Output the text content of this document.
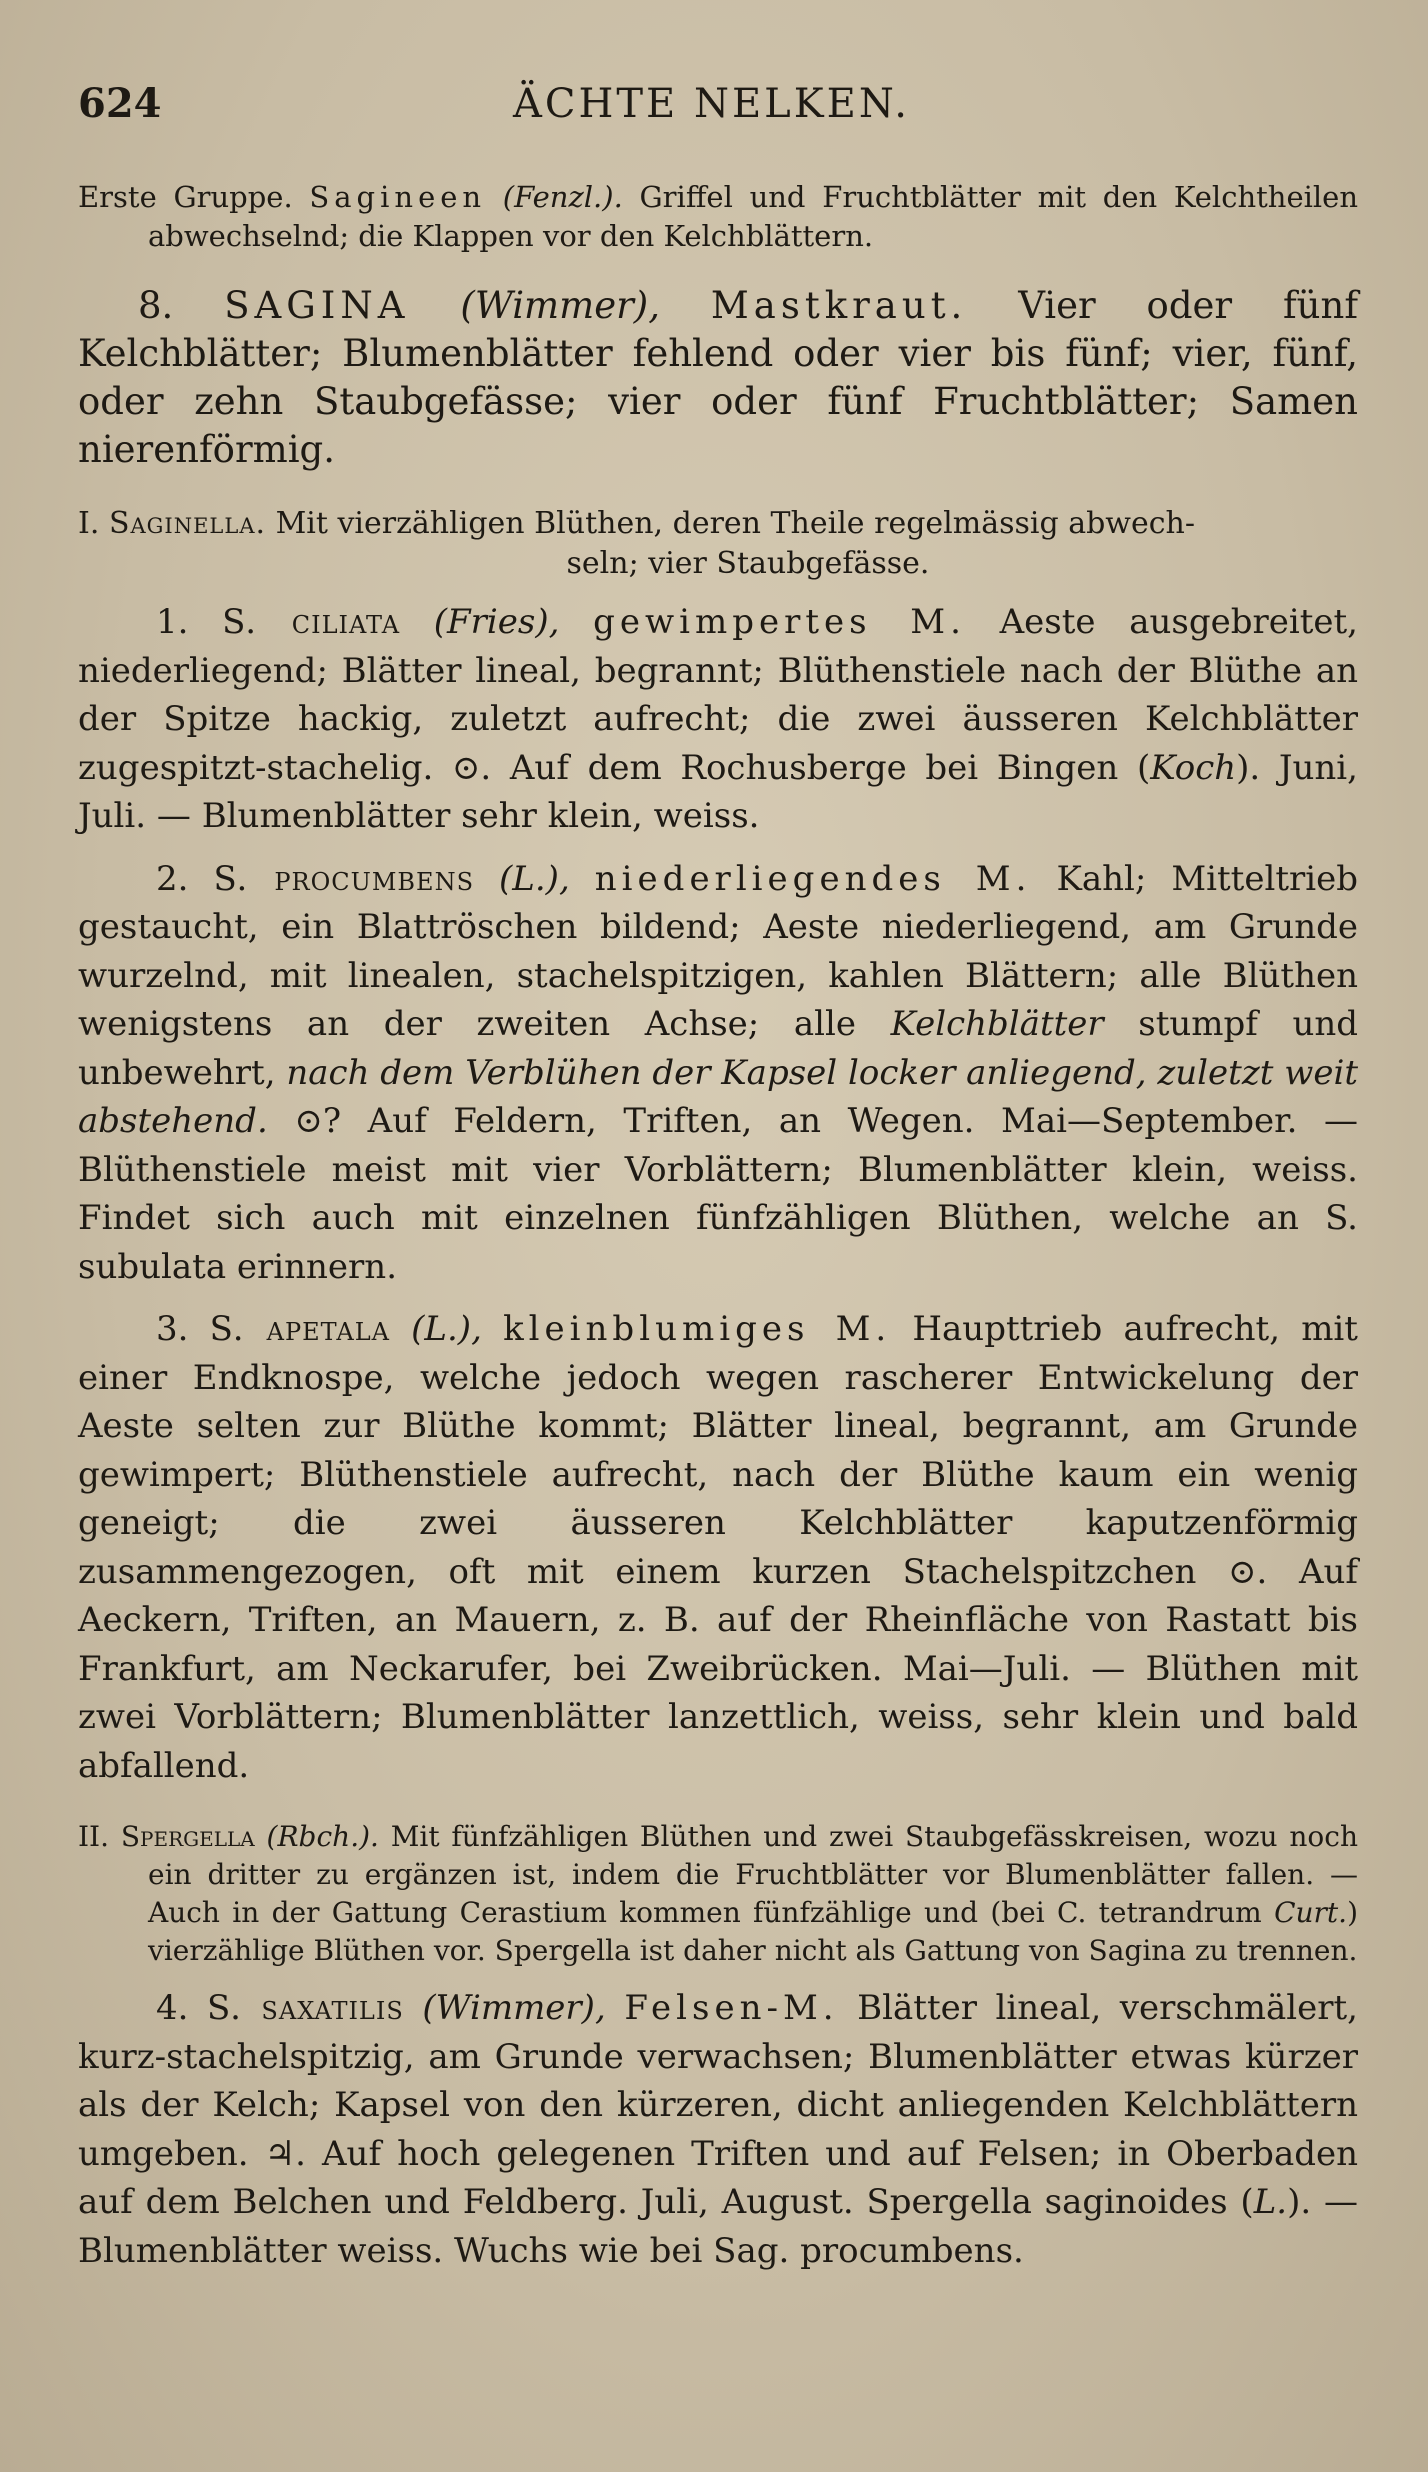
624	ÄCHTE NELKEN.

Erste Gruppe. Sagineen (Fenzl.). Griffel und Fruchtblätter mit den Kelchtheilen abwechselnd; die Klappen vor den Kelchblättern.

8. SAGINA (Wimmer), Mastkraut. Vier oder fünf Kelchblätter; Blumenblätter fehlend oder vier bis fünf; vier, fünf, oder zehn Staubgefässe; vier oder fünf Fruchtblätter; Samen nierenförmig.

I. Saginella. Mit vierzähligen Blüthen, deren Theile regelmässig abwech-
seln; vier Staubgefässe.

1. S. ciliata (Fries), gewimpertes M. Aeste ausgebreitet, niederliegend; Blätter lineal, begrannt; Blüthenstiele nach der Blüthe an der Spitze hackig, zuletzt aufrecht; die zwei äusseren Kelchblätter zugespitzt-stachelig. ⊙. Auf dem Rochusberge bei Bingen (Koch). Juni, Juli. — Blumenblätter sehr klein, weiss.

2. S. procumbens (L.), niederliegendes M. Kahl; Mitteltrieb gestaucht, ein Blattröschen bildend; Aeste niederliegend, am Grunde wurzelnd, mit linealen, stachelspitzigen, kahlen Blättern; alle Blüthen wenigstens an der zweiten Achse; alle Kelchblätter stumpf und unbewehrt, nach dem Verblühen der Kapsel locker anliegend, zuletzt weit abstehend. ⊙? Auf Feldern, Triften, an Wegen. Mai—September. — Blüthenstiele meist mit vier Vorblättern; Blumenblätter klein, weiss. Findet sich auch mit einzelnen fünfzähligen Blüthen, welche an S. subulata erinnern.

3. S. apetala (L.), kleinblumiges M. Haupttrieb aufrecht, mit einer Endknospe, welche jedoch wegen rascherer Entwickelung der Aeste selten zur Blüthe kommt; Blätter lineal, begrannt, am Grunde gewimpert; Blüthenstiele aufrecht, nach der Blüthe kaum ein wenig geneigt; die zwei äusseren Kelchblätter kaputzenförmig zusammengezogen, oft mit einem kurzen Stachelspitzchen ⊙. Auf Aeckern, Triften, an Mauern, z. B. auf der Rheinfläche von Rastatt bis Frankfurt, am Neckarufer, bei Zweibrücken. Mai—Juli. — Blüthen mit zwei Vorblättern; Blumenblätter lanzettlich, weiss, sehr klein und bald abfallend.

II. Spergella (Rbch.). Mit fünfzähligen Blüthen und zwei Staubgefässkreisen, wozu noch ein dritter zu ergänzen ist, indem die Fruchtblätter vor Blumenblätter fallen. — Auch in der Gattung Cerastium kommen fünfzählige und (bei C. tetrandrum Curt.) vierzählige Blüthen vor. Spergella ist daher nicht als Gattung von Sagina zu trennen.

4. S. saxatilis (Wimmer), Felsen-M. Blätter lineal, verschmälert, kurz-stachelspitzig, am Grunde verwachsen; Blumenblätter etwas kürzer als der Kelch; Kapsel von den kürzeren, dicht anliegenden Kelchblättern umgeben. ♃. Auf hoch gelegenen Triften und auf Felsen; in Oberbaden auf dem Belchen und Feldberg. Juli, August. Spergella saginoides (L.). — Blumenblätter weiss. Wuchs wie bei Sag. procumbens.
